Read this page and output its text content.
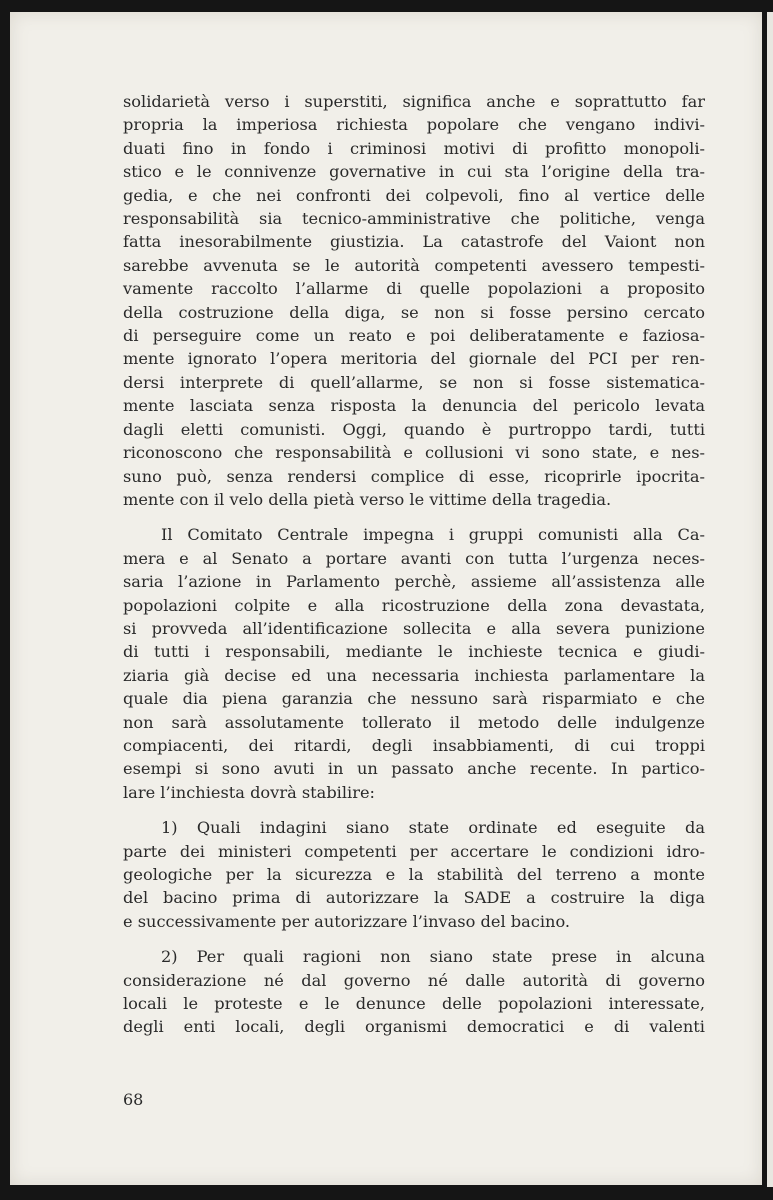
solidarietà verso i superstiti, significa anche e soprattutto far
propria la imperiosa richiesta popolare che vengano indivi-
duati fino in fondo i criminosi motivi di profitto monopoli-
stico e le connivenze governative in cui sta l’origine della tra-
gedia, e che nei confronti dei colpevoli, fino al vertice delle
responsabilità sia tecnico-amministrative che politiche, venga
fatta inesorabilmente giustizia. La catastrofe del Vaiont non
sarebbe avvenuta se le autorità competenti avessero tempesti-
vamente raccolto l’allarme di quelle popolazioni a proposito
della costruzione della diga, se non si fosse persino cercato
di perseguire come un reato e poi deliberatamente e faziosa-
mente ignorato l’opera meritoria del giornale del PCI per ren-
dersi interprete di quell’allarme, se non si fosse sistematica-
mente lasciata senza risposta la denuncia del pericolo levata
dagli eletti comunisti. Oggi, quando è purtroppo tardi, tutti
riconoscono che responsabilità e collusioni vi sono state, e nes-
suno può, senza rendersi complice di esse, ricoprirle ipocrita-
mente con il velo della pietà verso le vittime della tragedia.

Il Comitato Centrale impegna i gruppi comunisti alla Ca-
mera e al Senato a portare avanti con tutta l’urgenza neces-
saria l’azione in Parlamento perchè, assieme all’assistenza alle
popolazioni colpite e alla ricostruzione della zona devastata,
si provveda all’identificazione sollecita e alla severa punizione
di tutti i responsabili, mediante le inchieste tecnica e giudi-
ziaria già decise ed una necessaria inchiesta parlamentare la
quale dia piena garanzia che nessuno sarà risparmiato e che
non sarà assolutamente tollerato il metodo delle indulgenze
compiacenti, dei ritardi, degli insabbiamenti, di cui troppi
esempi si sono avuti in un passato anche recente. In partico-
lare l’inchiesta dovrà stabilire:

1) Quali indagini siano state ordinate ed eseguite da
parte dei ministeri competenti per accertare le condizioni idro-
geologiche per la sicurezza e la stabilità del terreno a monte
del bacino prima di autorizzare la SADE a costruire la diga
e successivamente per autorizzare l’invaso del bacino.

2) Per quali ragioni non siano state prese in alcuna
considerazione né dal governo né dalle autorità di governo
locali le proteste e le denunce delle popolazioni interessate,
degli enti locali, degli organismi democratici e di valenti

68
